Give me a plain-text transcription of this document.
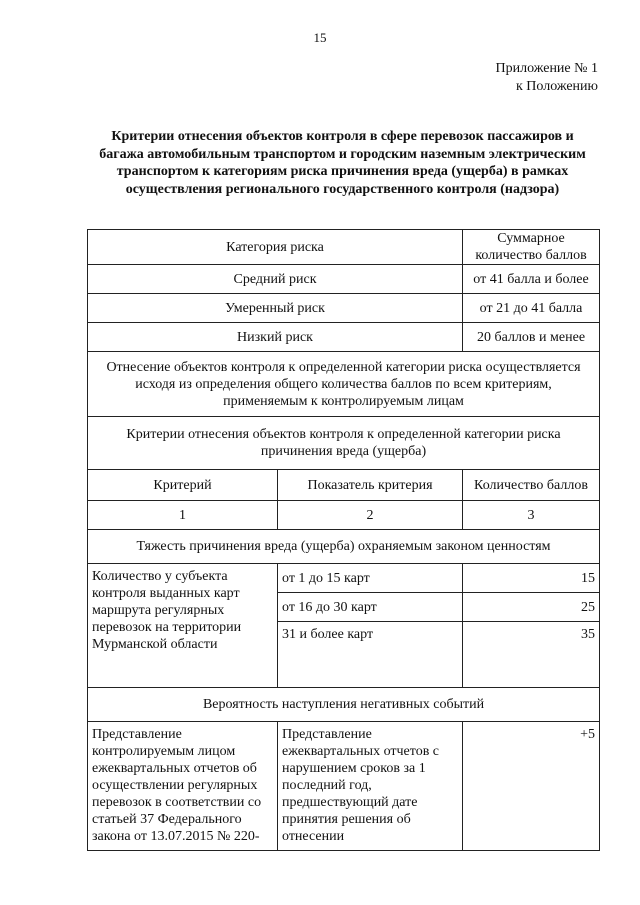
15
Приложение № 1
к Положению
Критерии отнесения объектов контроля в сфере перевозок пассажиров и багажа автомобильным транспортом и городским наземным электрическим транспортом к категориям риска причинения вреда (ущерба) в рамках осуществления регионального государственного контроля (надзора)
Категория риска		Суммарное количество баллов
Средний риск		от 41 балла и более
Умеренный риск		от 21 до 41 балла
Низкий риск		20 баллов и менее
Отнесение объектов контроля к определенной категории риска осуществляется исходя из определения общего количества баллов по всем критериям, применяемым к контролируемым лицам		
Критерии отнесения объектов контроля к определенной категории риска причинения вреда (ущерба)		
Критерий	Показатель критерия	Количество баллов
1	2	3
Тяжесть причинения вреда (ущерба) охраняемым законом ценностям		
Количество у субъекта контроля выданных карт маршрута регулярных перевозок на территории Мурманской области	от 1 до 15 карт	15
	от 16 до 30 карт	25
	31 и более карт	35
Вероятность наступления негативных событий		
Представление контролируемым лицом ежеквартальных отчетов об осуществлении регулярных перевозок в соответствии со статьей 37 Федерального закона от 13.07.2015 № 220-	Представление ежеквартальных отчетов с нарушением сроков за 1 последний год, предшествующий дате принятия решения об отнесении	+5
